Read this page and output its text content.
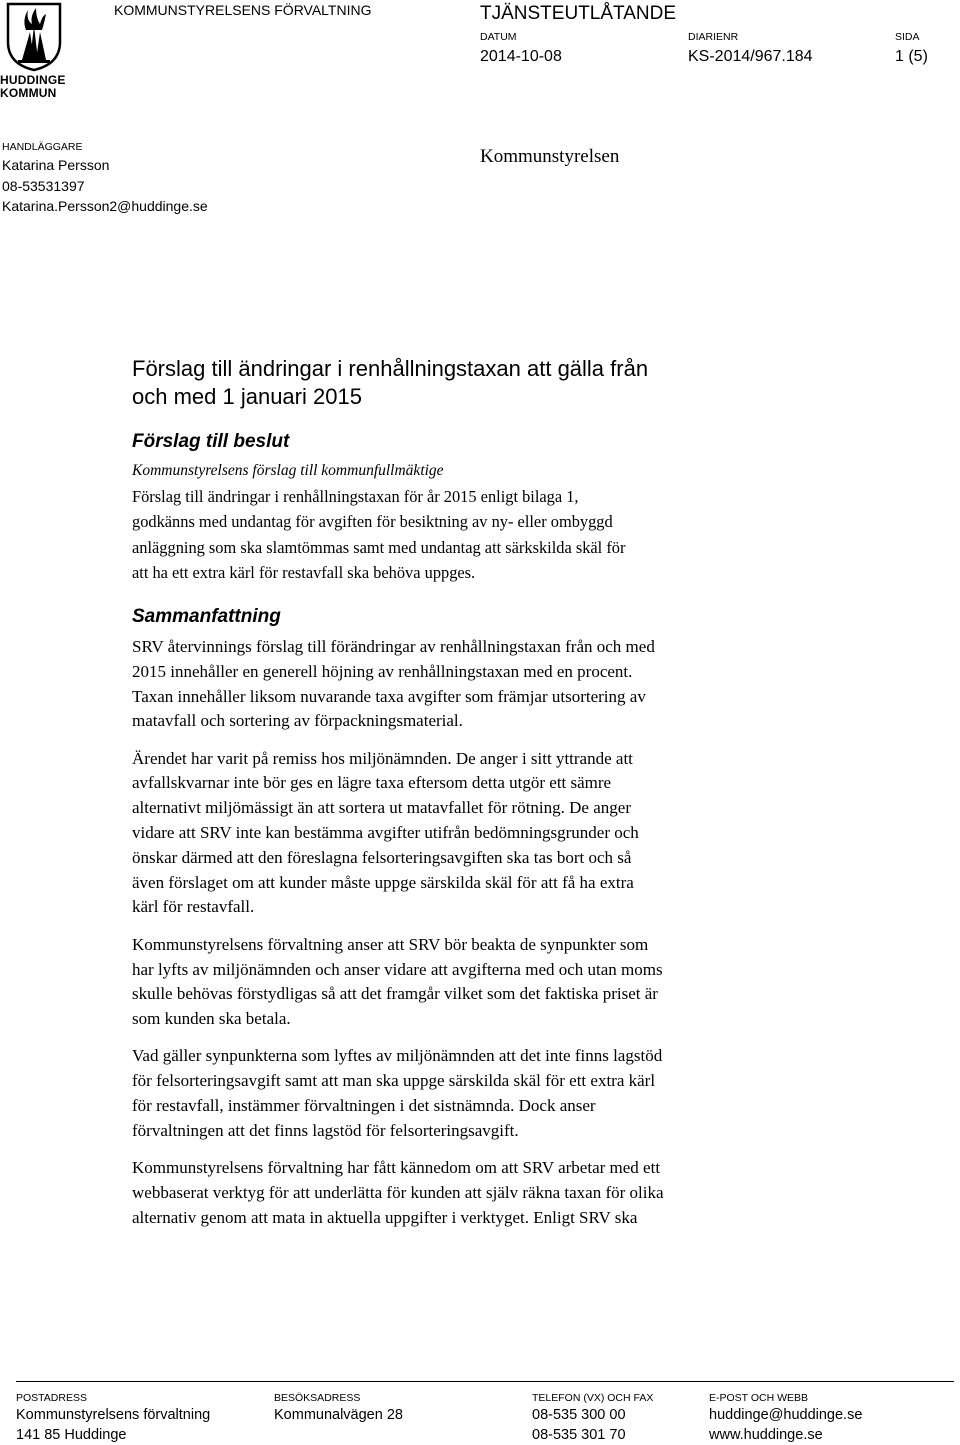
HUDDINGE
KOMMUN
KOMMUNSTYRELSENS FÖRVALTNING	TJÄNSTEUTLÅTANDE
DATUM
2014-10-08
DIARIENR
KS-2014/967.184
SIDA
1 (5)
HANDLÄGGARE
Katarina Persson
08-53531397
Katarina.Persson2@huddinge.se
Kommunstyrelsen
Förslag till ändringar i renhållningstaxan att gälla från
och med 1 januari 2015
Förslag till beslut
Kommunstyrelsens förslag till kommunfullmäktige
Förslag till ändringar i renhållningstaxan för år 2015 enligt bilaga 1,
godkänns med undantag för avgiften för besiktning av ny- eller ombyggd
anläggning som ska slamtömmas samt med undantag att särkskilda skäl för
att ha ett extra kärl för restavfall ska behöva uppges.
Sammanfattning

SRV återvinnings förslag till förändringar av renhållningstaxan från och med
2015 innehåller en generell höjning av renhållningstaxan med en procent.
Taxan innehåller liksom nuvarande taxa avgifter som främjar utsortering av
matavfall och sortering av förpackningsmaterial.

Ärendet har varit på remiss hos miljönämnden. De anger i sitt yttrande att
avfallskvarnar inte bör ges en lägre taxa eftersom detta utgör ett sämre
alternativt miljömässigt än att sortera ut matavfallet för rötning. De anger
vidare att SRV inte kan bestämma avgifter utifrån bedömningsgrunder och
önskar därmed att den föreslagna felsorteringsavgiften ska tas bort och så
även förslaget om att kunder måste uppge särskilda skäl för att få ha extra
kärl för restavfall.

Kommunstyrelsens förvaltning anser att SRV bör beakta de synpunkter som
har lyfts av miljönämnden och anser vidare att avgifterna med och utan moms
skulle behövas förstydligas så att det framgår vilket som det faktiska priset är
som kunden ska betala.

Vad gäller synpunkterna som lyftes av miljönämnden att det inte finns lagstöd
för felsorteringsavgift samt att man ska uppge särskilda skäl för ett extra kärl
för restavfall, instämmer förvaltningen i det sistnämnda. Dock anser
förvaltningen att det finns lagstöd för felsorteringsavgift.

Kommunstyrelsens förvaltning har fått kännedom om att SRV arbetar med ett
webbaserat verktyg för att underlätta för kunden att själv räkna taxan för olika
alternativ genom att mata in aktuella uppgifter i verktyget. Enligt SRV ska

POSTADRESS
Kommunstyrelsens förvaltning
141 85 Huddinge
BESÖKSADRESS
Kommunalvägen 28
TELEFON (VX) OCH FAX
08-535 300 00
08-535 301 70
E-POST OCH WEBB
huddinge@huddinge.se
www.huddinge.se
